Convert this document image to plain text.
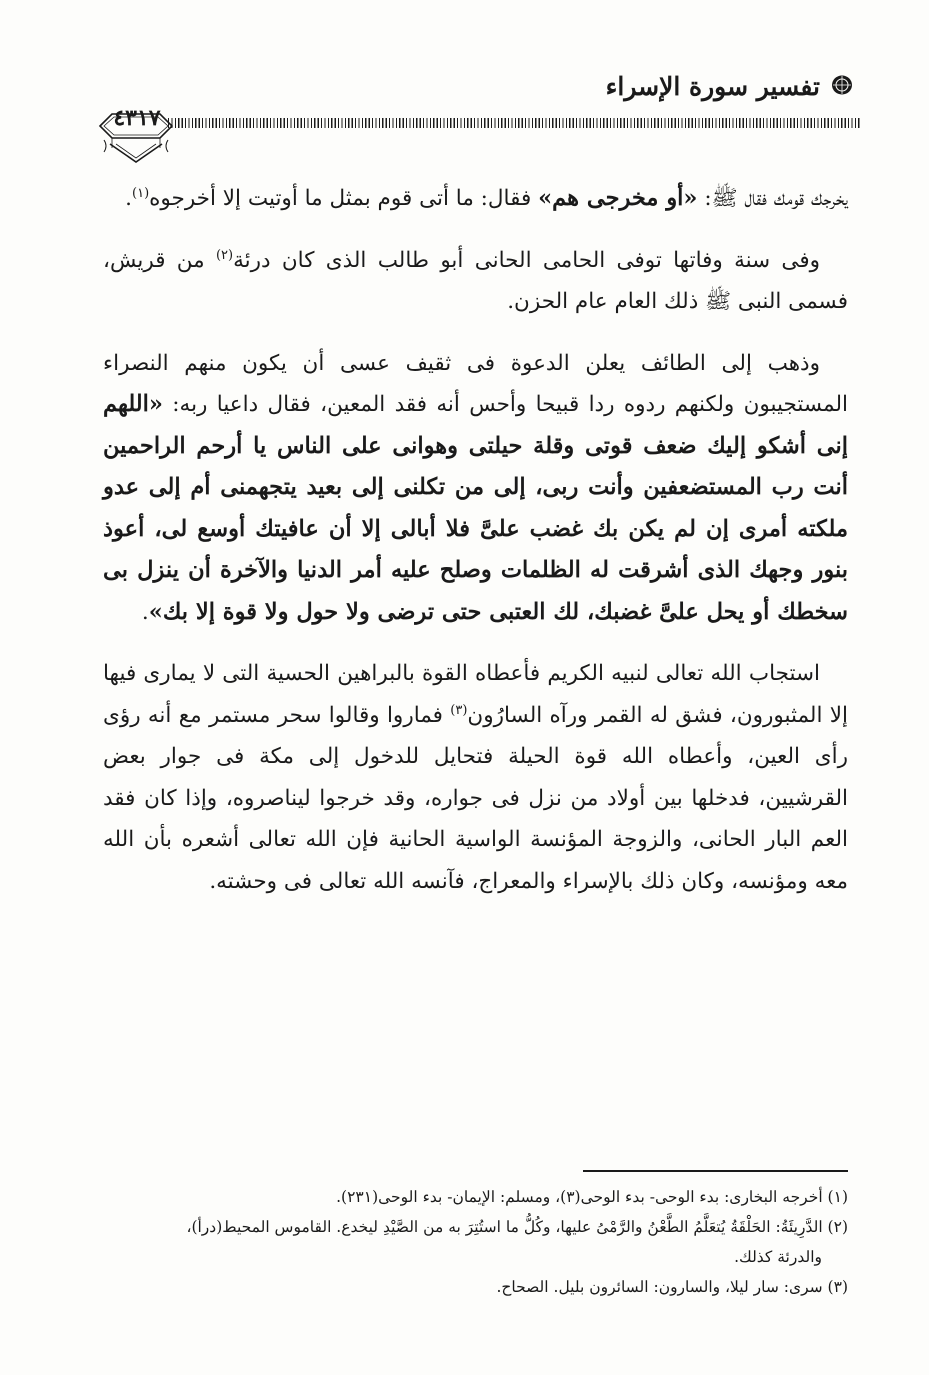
تفسير سورة الإسراء
٤٣١٧

يخرجك قومك فقال ﷺ: «أو مخرجى هم» فقال: ما أتى قوم بمثل ما أوتيت إلا أخرجوه$^{(١)}$.

وفى سنة وفاتها توفى الحامى الحانى أبو طالب الذى كان درئة$^{(٢)}$ من قريش، فسمى النبى ﷺ ذلك العام عام الحزن.

وذهب إلى الطائف يعلن الدعوة فى ثقيف عسى أن يكون منهم النصراء المستجيبون ولكنهم ردوه ردا قبيحا وأحس أنه فقد المعين، فقال داعيا ربه: «اللهم إنى أشكو إليك ضعف قوتى وقلة حيلتى وهوانى على الناس يا أرحم الراحمين أنت رب المستضعفين وأنت ربى، إلى من تكلنى إلى بعيد يتجهمنى أم إلى عدو ملكته أمرى إن لم يكن بك غضب علىَّ فلا أبالى إلا أن عافيتك أوسع لى، أعوذ بنور وجهك الذى أشرقت له الظلمات وصلح عليه أمر الدنيا والآخرة أن ينزل بى سخطك أو يحل علىَّ غضبك، لك العتبى حتى ترضى ولا حول ولا قوة إلا بك».

استجاب الله تعالى لنبيه الكريم فأعطاه القوة بالبراهين الحسية التى لا يمارى فيها إلا المثبورون، فشق له القمر ورآه السارُون$^{(٣)}$ فماروا وقالوا سحر مستمر مع أنه رؤى رأى العين، وأعطاه الله قوة الحيلة فتحايل للدخول إلى مكة فى جوار بعض القرشيين، فدخلها بين أولاد من نزل فى جواره، وقد خرجوا ليناصروه، وإذا كان فقد العم البار الحانى، والزوجة المؤنسة الواسية الحانية فإن الله تعالى أشعره بأن الله معه ومؤنسه، وكان ذلك بالإسراء والمعراج، فآنسه الله تعالى فى وحشته.

(١) أخرجه البخارى: بدء الوحى- بدء الوحى(٣)، ومسلم: الإيمان- بدء الوحى(٢٣١).

(٢) الدَّرِيئَةُ: الحَلْقَةُ يُتعَلَّمُ الطَّعْنُ والرَّمْىُ عليها، وكُلُّ ما استُتِرَ به من الصَّيْدِ ليخدع. القاموس المحيط(درأ)،

والدرئة كذلك.

(٣) سرى: سار ليلا، والسارون: السائرون بليل. الصحاح.
